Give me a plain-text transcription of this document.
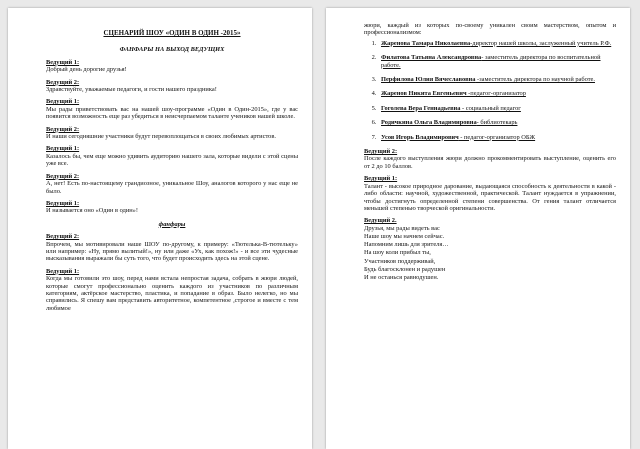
СЦЕНАРИЙ ШОУ «ОДИН В ОДИН -2015»
ФАНФАРЫ НА ВЫХОД ВЕДУЩИХ
Ведущий 1:
Добрый день дорогие друзья!
Ведущий 2:
Здравствуйте, уважаемые педагоги, и гости нашего праздника!
Ведущий 1:
Мы рады приветствовать вас на нашей шоу-программе «Один в Один-2015», где у вас появится возможность еще раз убедиться в неисчерпаемом таланте учеников нашей школе.
Ведущий 2:
И наши сегодняшние участники будут перевоплощаться в своих любимых артистов.
Ведущий 1:
Казалось бы, чем еще можно удивить аудиторию нашего зала, которые видели с этой сцены уже все.
Ведущий 2:
А, нет! Есть по-настоящему грандиозное, уникальное Шоу, аналогов которого у нас еще не было.
Ведущий 1:
И называется оно «Один в один»!
фанфары
Ведущий 2:
Впрочем, мы мотивировали наше ШОУ по-другому, к примеру: «Тютелька-В-тютельку» или например: «Ну, прямо вылитый!», ну или даже «Ух, как похож!» - и все эти чудесные высказывания выражали бы суть того, что будет происходить здесь на этой сцене.
Ведущий 1:
Когда мы готовили это шоу, перед нами встала непростая задача, собрать в жюри людей, которые смогут профессионально оценить каждого из участников по различным категориям, актёрское мастерство, пластика, и попадание в образ. Было нелегко, но мы справились. Я спешу вам представить авторитетное, компетентное ,строгое и вместе с тем любимое
жюри, каждый из которых по-своему уникален своим мастерством, опытом и профессионализмом:
1. Жаренова Тамара Николаевна-директор нашей школы, заслуженный учитель Р.Ф.
2. Филатова Татьяна Александровна- заместитель директора по воспитательной работе.
3. Перфилова Юлия Вячеславовна -заместитель директора по научной работе.
4. Жаренов Никита Евгеньевич -педагог-организатор
5. Гоголева Вера Геннадьевна - социальный педагог
6. Родичкина Ольга Владимировна- библиотекарь
7. Усов Игорь Владимирович - педагог-организатор ОБЖ
Ведущий 2:
После каждого выступления жюри должно прокомментировать выступление, оценить его от 2 до 10 баллов.
Ведущий 1:
Талант - высокое природное дарование, выдающаяся способность к деятельности в какой - либо области: научной, художественной, практической. Талант нуждается в упражнении, чтобы достигнуть определенной степени совершенства. От гения талант отличается меньшей степенью творческой оригинальности.
Ведущий 2.
Друзья, мы рады видеть вас
Наше шоу мы начнем сейчас.
Напомним лишь для зрителя…
На шоу коли прибыл ты,
Участников поддерживай,
Будь благосклонен и радушен
И не останься равнодушен.
